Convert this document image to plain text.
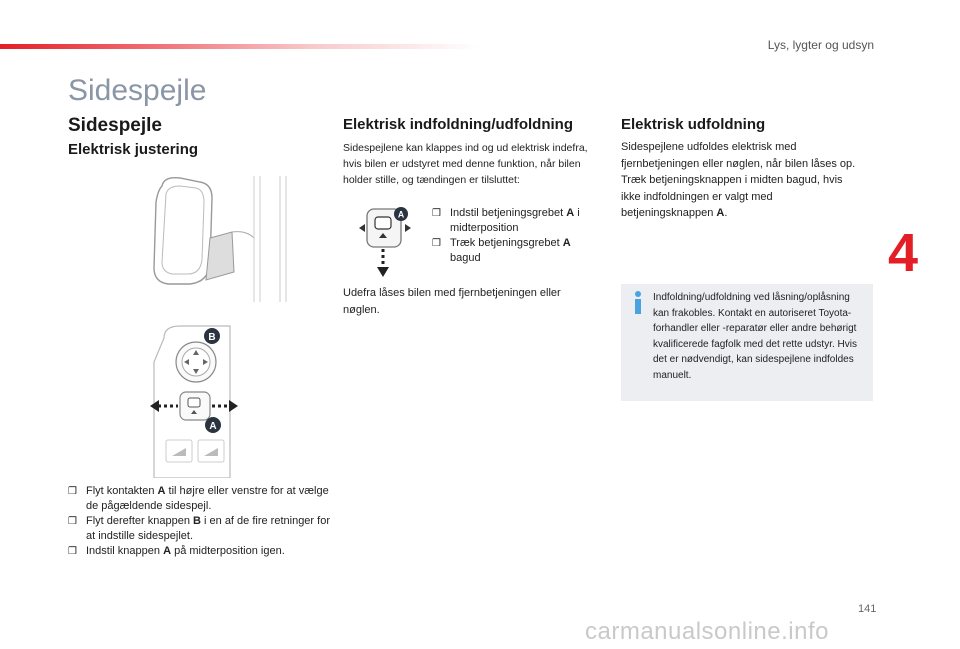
Lys, lygter og udsyn
4
Sidespejle
Sidespejle
Elektrisk justering
B
A
❒ Flyt kontakten A til højre eller venstre for at vælge de pågældende sidespejl.
❒ Flyt derefter knappen B i en af de fire retninger for at indstille sidespejlet.
❒ Indstil knappen A på midterposition igen.
Elektrisk indfoldning/udfoldning

Sidespejlene kan klappes ind og ud elektrisk indefra, hvis bilen er udstyret med denne funktion, når bilen holder stille, og tændingen er tilsluttet:

A	❒ Indstil betjeningsgrebet A i midterposition
❒ Træk betjeningsgrebet A bagud

Udefra låses bilen med fjernbetjeningen eller nøglen.

Elektrisk udfoldning

Sidespejlene udfoldes elektrisk med fjernbetjeningen eller nøglen, når bilen låses op. Træk betjeningsknappen i midten bagud, hvis ikke indfoldningen er valgt med betjeningsknappen A.

Indfoldning/udfoldning ved låsning/oplåsning kan frakobles. Kontakt en autoriseret Toyota-forhandler eller -reparatør eller andre behørigt kvalificerede fagfolk med det rette udstyr. Hvis det er nødvendigt, kan sidespejlene indfoldes manuelt.

141
carmanualsonline.info
